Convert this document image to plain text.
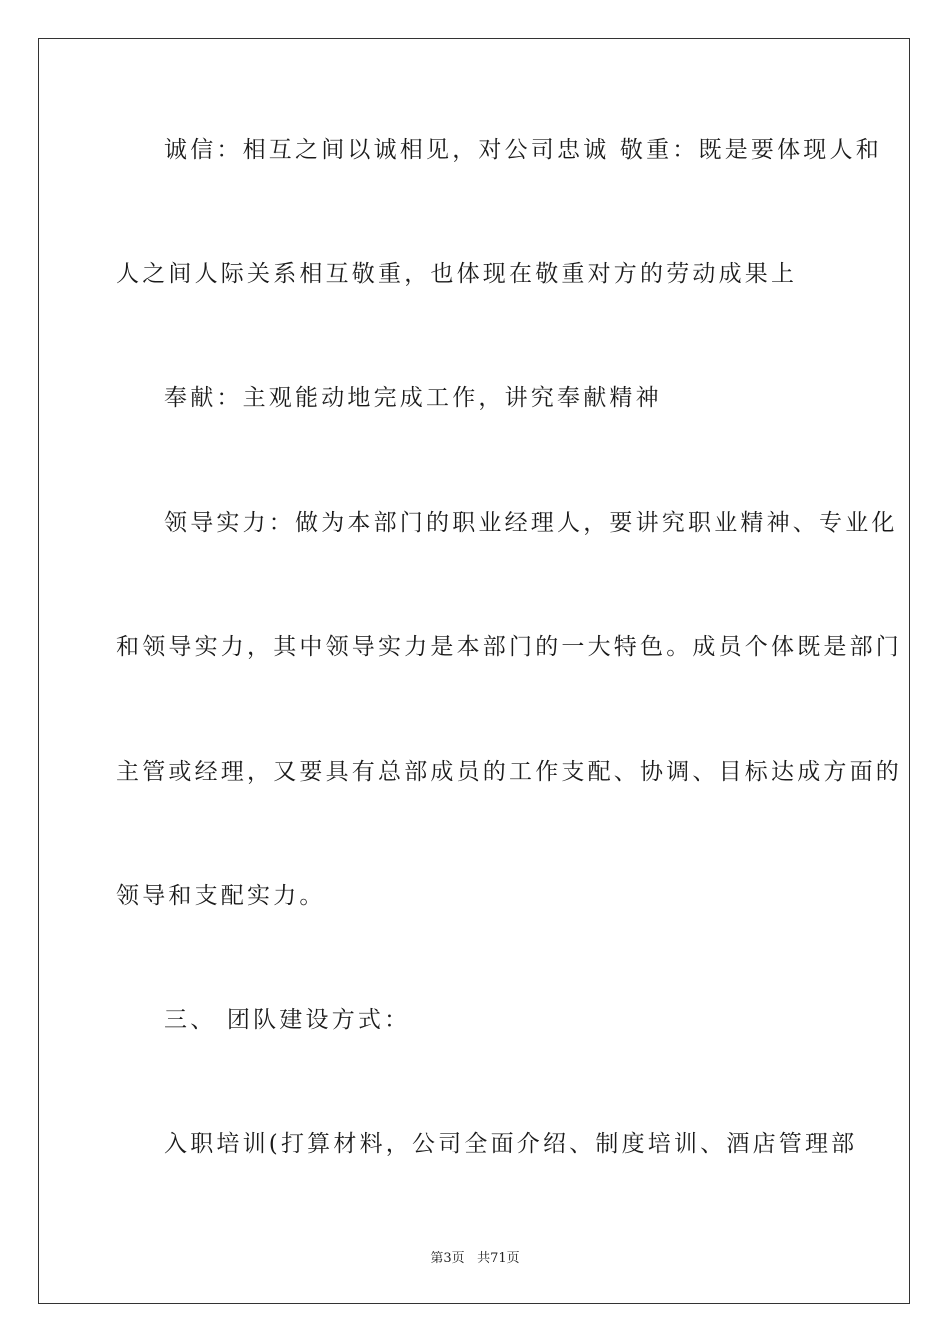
诚信：相互之间以诚相见，对公司忠诚 敬重：既是要体现人和
人之间人际关系相互敬重，也体现在敬重对方的劳动成果上
奉献：主观能动地完成工作，讲究奉献精神
领导实力：做为本部门的职业经理人，要讲究职业精神、专业化
和领导实力，其中领导实力是本部门的一大特色。成员个体既是部门
主管或经理，又要具有总部成员的工作支配、协调、目标达成方面的
领导和支配实力。
三、 团队建设方式：
入职培训(打算材料，公司全面介绍、制度培训、酒店管理部
第3页 共71页
